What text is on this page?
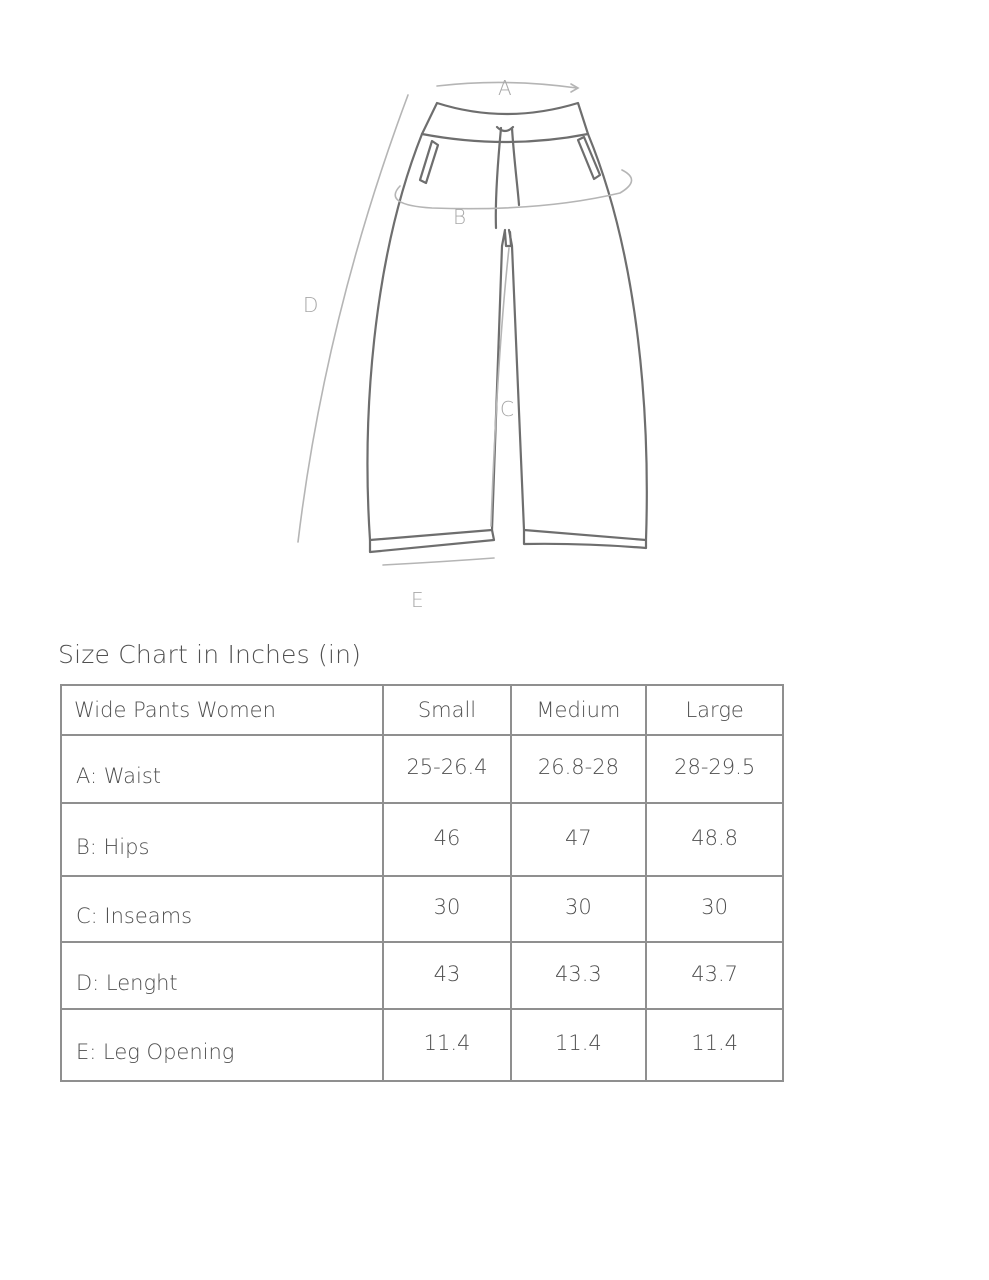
A
B
C
D
E
Size Chart in Inches (in)
Wide Pants Women	Small	Medium	Large
A: Waist	25-26.4	26.8-28	28-29.5
B: Hips	46	47	48.8
C: Inseams	30	30	30
D: Lenght	43	43.3	43.7
E: Leg Opening	11.4	11.4	11.4
